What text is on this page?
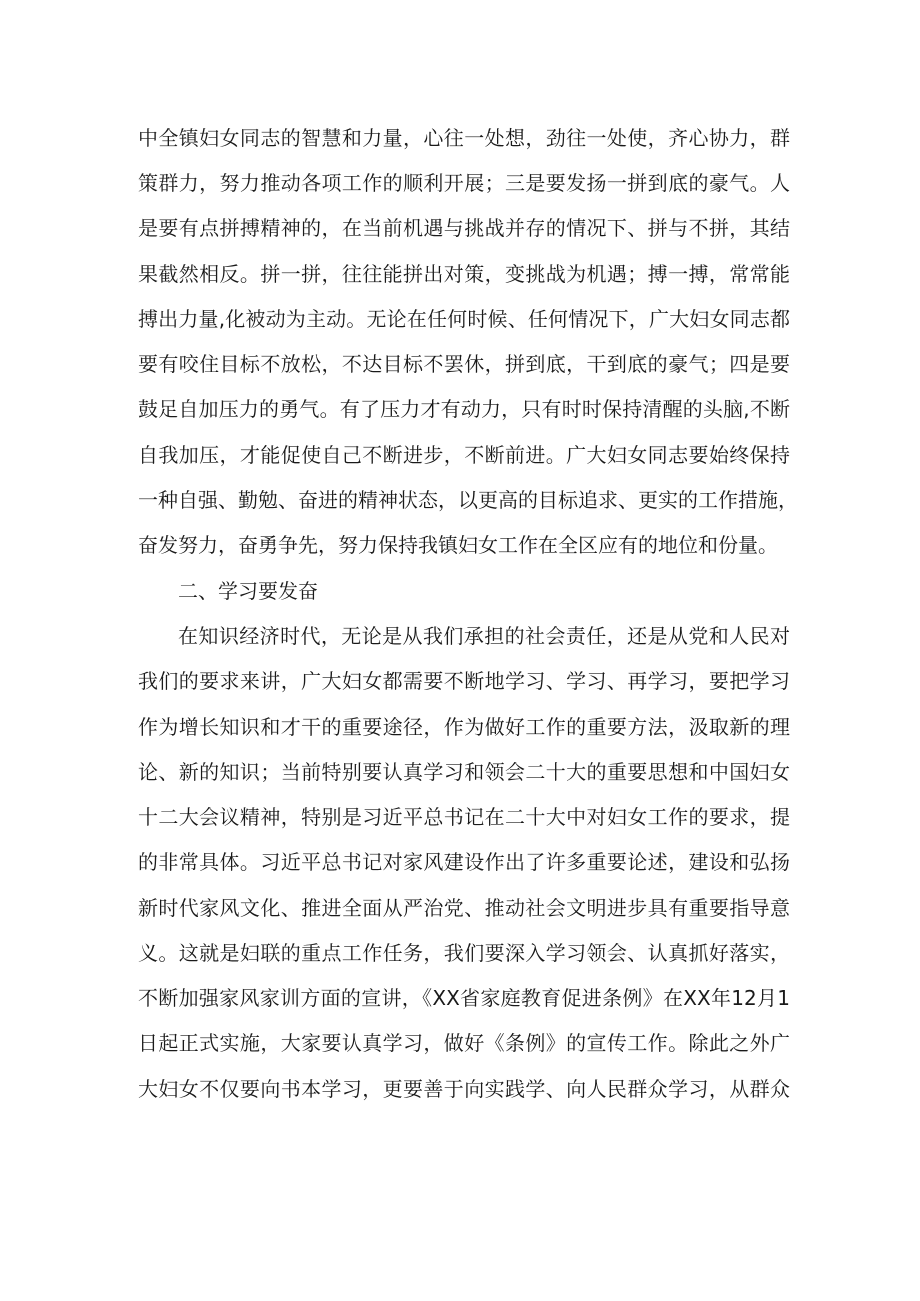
中全镇妇女同志的智慧和力量，心往一处想，劲往一处使，齐心协力，群
策群力，努力推动各项工作的顺利开展；三是要发扬一拼到底的豪气。人
是要有点拼搏精神的，在当前机遇与挑战并存的情况下、拼与不拼，其结
果截然相反。拼一拼，往往能拼出对策，变挑战为机遇；搏一搏，常常能
搏出力量,化被动为主动。无论在任何时候、任何情况下，广大妇女同志都
要有咬住目标不放松，不达目标不罢休，拼到底，干到底的豪气；四是要
鼓足自加压力的勇气。有了压力才有动力，只有时时保持清醒的头脑,不断
自我加压，才能促使自己不断进步，不断前进。广大妇女同志要始终保持
一种自强、勤勉、奋进的精神状态，以更高的目标追求、更实的工作措施，
奋发努力，奋勇争先，努力保持我镇妇女工作在全区应有的地位和份量。
二、学习要发奋
在知识经济时代，无论是从我们承担的社会责任，还是从党和人民对
我们的要求来讲，广大妇女都需要不断地学习、学习、再学习，要把学习
作为增长知识和才干的重要途径，作为做好工作的重要方法，汲取新的理
论、新的知识；当前特别要认真学习和领会二十大的重要思想和中国妇女
十二大会议精神，特别是习近平总书记在二十大中对妇女工作的要求，提
的非常具体。习近平总书记对家风建设作出了许多重要论述，建设和弘扬
新时代家风文化、推进全面从严治党、推动社会文明进步具有重要指导意
义。这就是妇联的重点工作任务，我们要深入学习领会、认真抓好落实，
不断加强家风家训方面的宣讲，《XX省家庭教育促进条例》在XX年12月1
日起正式实施，大家要认真学习，做好《条例》的宣传工作。除此之外广
大妇女不仅要向书本学习，更要善于向实践学、向人民群众学习，从群众
